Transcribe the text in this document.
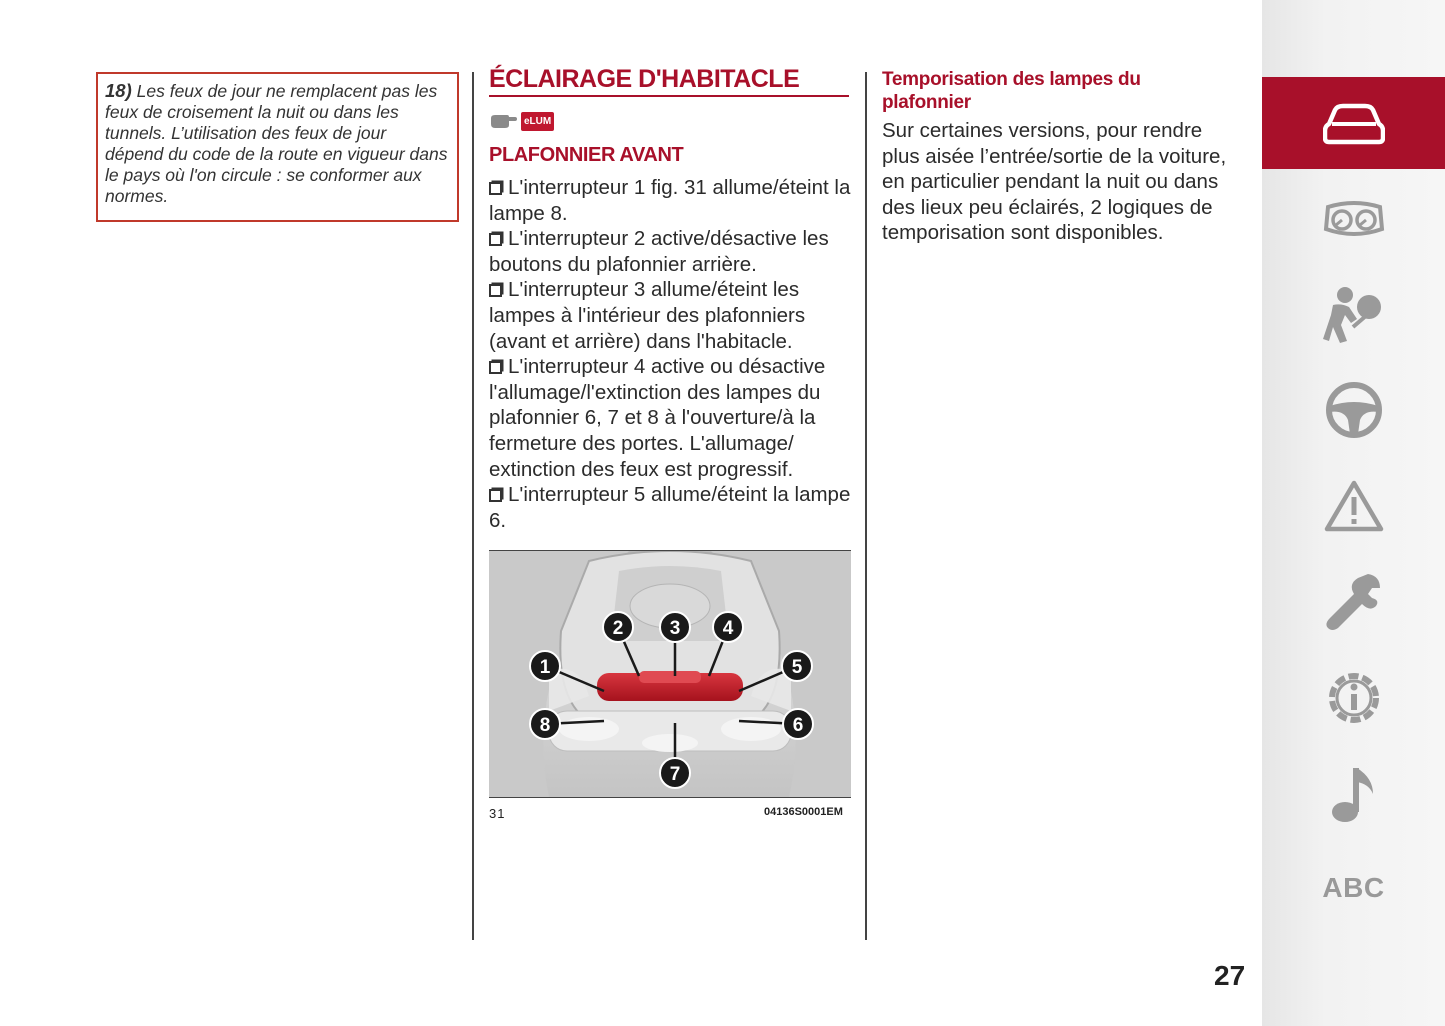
18) Les feux de jour ne remplacent pas les feux de croisement la nuit ou dans les tunnels. L’utilisation des feux de jour dépend du code de la route en vigueur dans le pays où l'on circule : se conformer aux normes.
ÉCLAIRAGE D'HABITACLE
eLUM
PLAFONNIER AVANT

L'interrupteur 1 fig. 31 allume/éteint la lampe 8.

L'interrupteur 2 active/désactive les boutons du plafonnier arrière.

L'interrupteur 3 allume/éteint les lampes à l'intérieur des plafonniers (avant et arrière) dans l'habitacle.

L'interrupteur 4 active ou désactive l'allumage/l'extinction des lampes du plafonnier 6, 7 et 8 à l'ouverture/à la fermeture des portes. L'allumage/ extinction des feux est progressif.

L'interrupteur 5 allume/éteint la lampe 6.

1
2 3 4
5
6
7
8
31	04136S0001EM
Temporisation des lampes du plafonnier
Sur certaines versions, pour rendre plus aisée l’entrée/sortie de la voiture, en particulier pendant la nuit ou dans des lieux peu éclairés, 2 logiques de temporisation sont disponibles.
27
ABC
